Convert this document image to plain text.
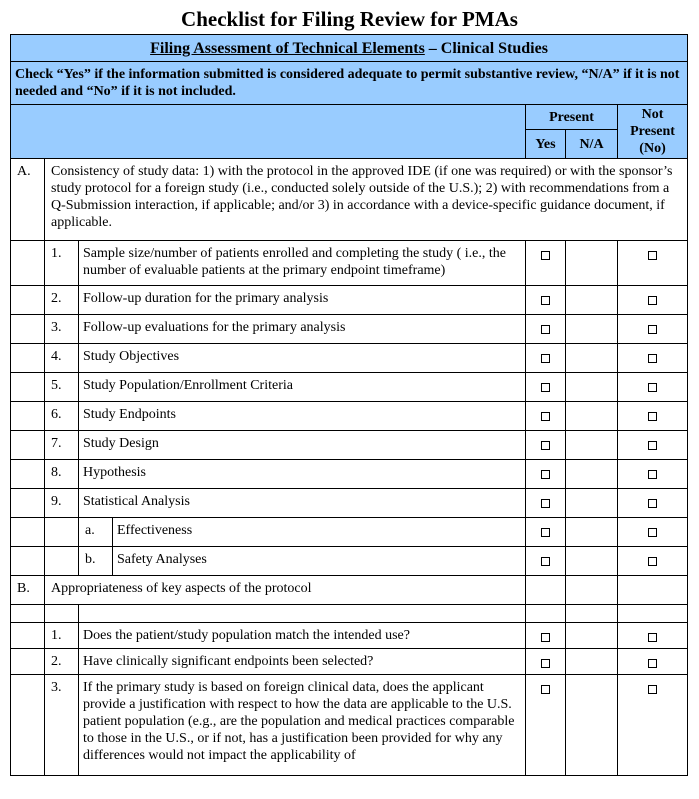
Checklist for Filing Review for PMAs
Filing Assessment of Technical Elements – Clinical Studies						
Check “Yes” if the information submitted is considered adequate to permit substantive review, “N/A” if it is not needed and “No” if it is not included.						
				Present		Not Present (No)
				Yes	N/A	
A.	Consistency of study data: 1) with the protocol in the approved IDE (if one was required) or with the sponsor’s study protocol for a foreign study (i.e., conducted solely outside of the U.S.); 2) with recommendations from a Q-Submission interaction, if applicable; and/or 3) in accordance with a device-specific guidance document, if applicable.					
	1.	Sample size/number of patients enrolled and completing the study ( i.e., the number of evaluable patients at the primary endpoint timeframe)				
	2.	Follow-up duration for the primary analysis				
	3.	Follow-up evaluations for the primary analysis				
	4.	Study Objectives				
	5.	Study Population/Enrollment Criteria				
	6.	Study Endpoints				
	7.	Study Design				
	8.	Hypothesis				
	9.	Statistical Analysis				
		a.	Effectiveness			
		b.	Safety Analyses			
B.	Appropriateness of key aspects of the protocol					

	1.	Does the patient/study population match the intended use?				
	2.	Have clinically significant endpoints been selected?				
	3.	If the primary study is based on foreign clinical data, does the applicant provide a justification with respect to how the data are applicable to the U.S. patient population (e.g., are the population and medical practices comparable to those in the U.S., or if not, has a justification been provided for why any differences would not impact the applicability of				
